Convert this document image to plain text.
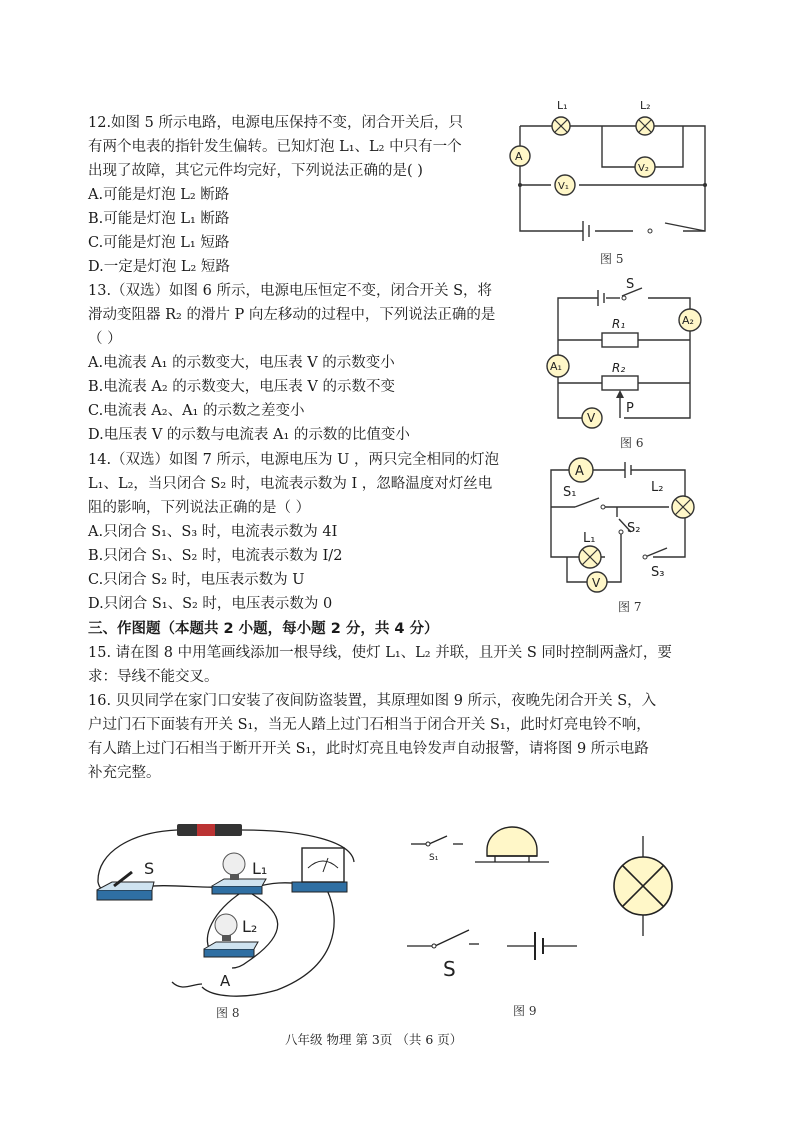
12.如图 5 所示电路，电源电压保持不变，闭合开关后，只
有两个电表的指针发生偏转。已知灯泡 L₁、L₂ 中只有一个
出现了故障，其它元件均完好，下列说法正确的是( )
A.可能是灯泡 L₂ 断路
B.可能是灯泡 L₁ 断路
C.可能是灯泡 L₁ 短路
D.一定是灯泡 L₂ 短路
13.（双选）如图 6 所示，电源电压恒定不变，闭合开关 S，将
滑动变阻器 R₂ 的滑片 P 向左移动的过程中，下列说法正确的是
（ ）
A.电流表 A₁ 的示数变大，电压表 V 的示数变小
B.电流表 A₂ 的示数变大，电压表 V 的示数不变
C.电流表 A₂、A₁ 的示数之差变小
D.电压表 V 的示数与电流表 A₁ 的示数的比值变小
14.（双选）如图 7 所示，电源电压为 U ，两只完全相同的灯泡
L₁、L₂，当只闭合 S₂ 时，电流表示数为 I ，忽略温度对灯丝电
阻的影响，下列说法正确的是（ ）
A.只闭合 S₁、S₃ 时，电流表示数为 4I
B.只闭合 S₁、S₂ 时，电流表示数为 I/2
C.只闭合 S₂ 时，电压表示数为 U
D.只闭合 S₁、S₂ 时，电压表示数为 0
三、作图题（本题共 2 小题，每小题 2 分，共 4 分）
15. 请在图 8 中用笔画线添加一根导线，使灯 L₁、L₂ 并联，且开关 S 同时控制两盏灯，要
求：导线不能交叉。
16. 贝贝同学在家门口安装了夜间防盗装置，其原理如图 9 所示，夜晚先闭合开关 S，入
户过门石下面装有开关 S₁，当无人踏上过门石相当于闭合开关 S₁，此时灯亮电铃不响，
有人踏上过门石相当于断开开关 S₁，此时灯亮且电铃发声自动报警，请将图 9 所示电路
补充完整。
L₁	L₂
A
V₁
V₂
图 5
S
R₁
R₂
A₂
A₁
V
P
图 6
A
S₁	L₂
S₂
L₁
V
S₃
图 7
S	L₁
L₂
A
图 8
S₁
S
图 9
八年级 物理 第 3页 （共 6 页）
